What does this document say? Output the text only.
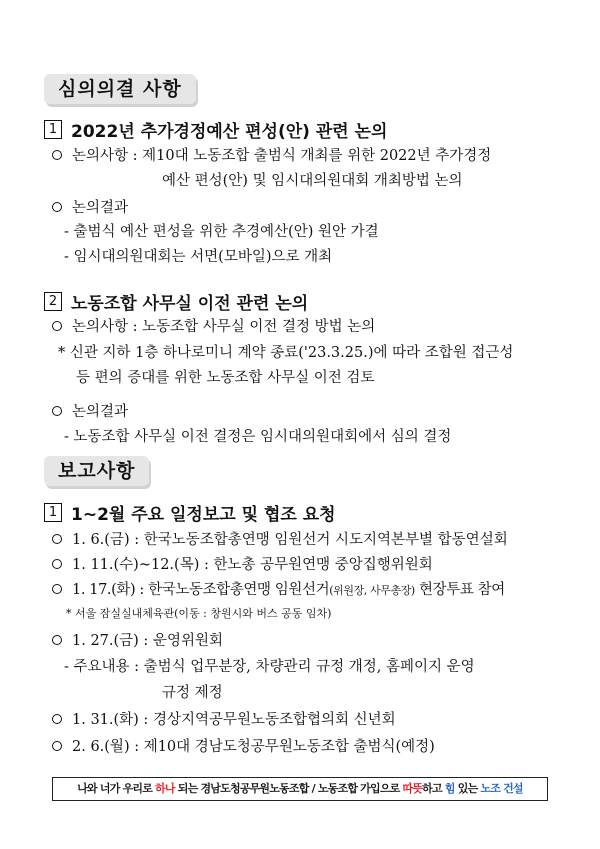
심의의결 사항
1 2022년 추가경정예산 편성(안) 관련 논의
논의사항 : 제10대 노동조합 출범식 개최를 위한 2022년 추가경정
예산 편성(안) 및 임시대의원대회 개최방법 논의
논의결과
- 출범식 예산 편성을 위한 추경예산(안) 원안 가결
- 임시대의원대회는 서면(모바일)으로 개최
2 노동조합 사무실 이전 관련 논의
논의사항 : 노동조합 사무실 이전 결정 방법 논의
* 신관 지하 1층 하나로미니 계약 종료('23.3.25.)에 따라 조합원 접근성
등 편의 증대를 위한 노동조합 사무실 이전 검토
논의결과
- 노동조합 사무실 이전 결정은 임시대의원대회에서 심의 결정
보고사항
1 1~2월 주요 일정보고 및 협조 요청
1. 6.(금) : 한국노동조합총연맹 임원선거 시도지역본부별 합동연설회
1. 11.(수)~12.(목) : 한노총 공무원연맹 중앙집행위원회
1. 17.(화) : 한국노동조합총연맹 임원선거(위원장, 사무총장) 현장투표 참여
* 서울 잠실실내체육관(이동 : 창원시와 버스 공동 임차)
1. 27.(금) : 운영위원회
- 주요내용 : 출범식 업무분장, 차량관리 규정 개정, 홈페이지 운영
규정 제정
1. 31.(화) : 경상지역공무원노동조합협의회 신년회
2. 6.(월) : 제10대 경남도청공무원노동조합 출범식(예정)
나와 너가 우리로 하나 되는 경남도청공무원노동조합 / 노동조합 가입으로 따뜻하고 힘 있는 노조 건설
